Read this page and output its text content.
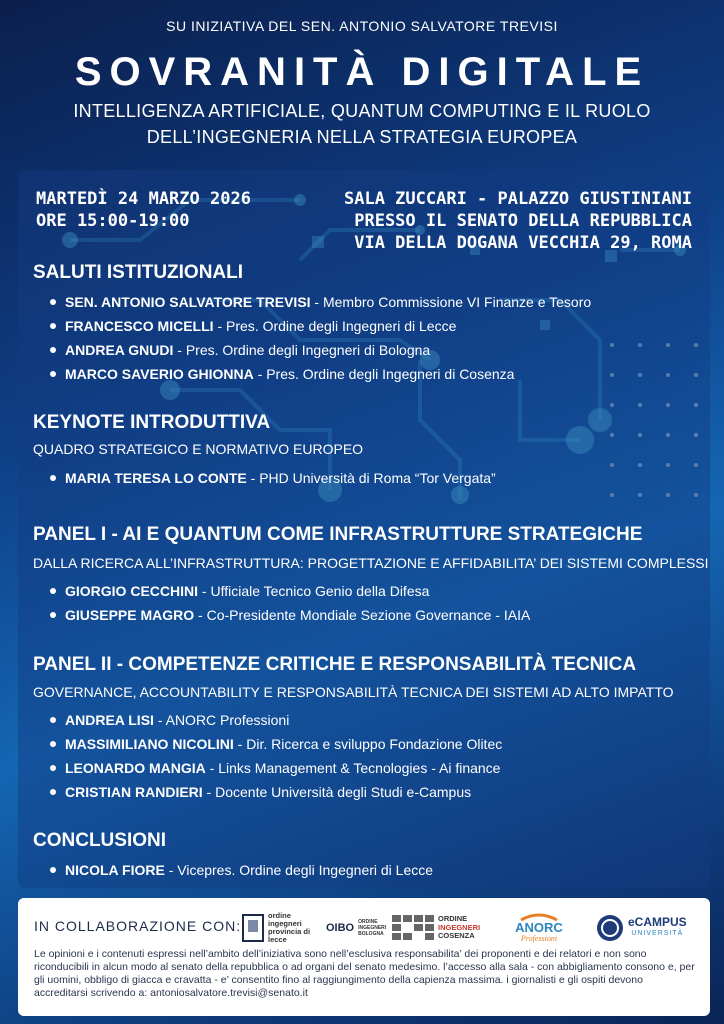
SU INIZIATIVA DEL SEN. ANTONIO SALVATORE TREVISI
SOVRANITÀ DIGITALE
INTELLIGENZA ARTIFICIALE, QUANTUM COMPUTING E IL RUOLO
DELL’INGEGNERIA NELLA STRATEGIA EUROPEA
MARTEDÌ 24 MARZO 2026
ORE 15:00-19:00
SALA ZUCCARI - PALAZZO GIUSTINIANI
PRESSO IL SENATO DELLA REPUBBLICA
VIA DELLA DOGANA VECCHIA 29, ROMA
SALUTI ISTITUZIONALI
SEN. ANTONIO SALVATORE TREVISI - Membro Commissione VI Finanze e Tesoro
FRANCESCO MICELLI - Pres. Ordine degli Ingegneri di Lecce
ANDREA GNUDI - Pres. Ordine degli Ingegneri di Bologna
MARCO SAVERIO GHIONNA - Pres. Ordine degli Ingegneri di Cosenza
KEYNOTE INTRODUTTIVA
QUADRO STRATEGICO E NORMATIVO EUROPEO
MARIA TERESA LO CONTE - PHD Università di Roma “Tor Vergata”
PANEL I - AI E QUANTUM COME INFRASTRUTTURE STRATEGICHE
DALLA RICERCA ALL’INFRASTRUTTURA: PROGETTAZIONE E AFFIDABILITA’ DEI SISTEMI COMPLESSI
GIORGIO CECCHINI - Ufficiale Tecnico Genio della Difesa
GIUSEPPE MAGRO - Co-Presidente Mondiale Sezione Governance - IAIA
PANEL II - COMPETENZE CRITICHE E RESPONSABILITÀ TECNICA
GOVERNANCE, ACCOUNTABILITY E RESPONSABILITÀ TECNICA DEI SISTEMI AD ALTO IMPATTO
ANDREA LISI - ANORC Professioni
MASSIMILIANO NICOLINI - Dir. Ricerca e sviluppo Fondazione Olitec
LEONARDO MANGIA - Links Management & Tecnologies - Ai finance
CRISTIAN RANDIERI - Docente Università degli Studi e-Campus
CONCLUSIONI
NICOLA FIORE - Vicepres. Ordine degli Ingegneri di Lecce
IN COLLABORAZIONE CON:
ordine ingegneri provincia di lecce
OIBO ORDINE INGEGNERI BOLOGNA
ORDINE
INGEGNERI
COSENZA
ANORC
Professioni
eCAMPUS
UNIVERSITÀ
Le opinioni e i contenuti espressi nell’ambito dell’iniziativa sono nell’esclusiva responsabilita’ dei proponenti e dei relatori e non sono riconducibili in alcun modo al senato della repubblica o ad organi del senato medesimo. l’accesso alla sala - con abbigliamento consono e, per gli uomini, obbligo di giacca e cravatta - e’ consentito fino al raggiungimento della capienza massima. i giornalisti e gli ospiti devono accreditarsi scrivendo a: antoniosalvatore.trevisi@senato.it
